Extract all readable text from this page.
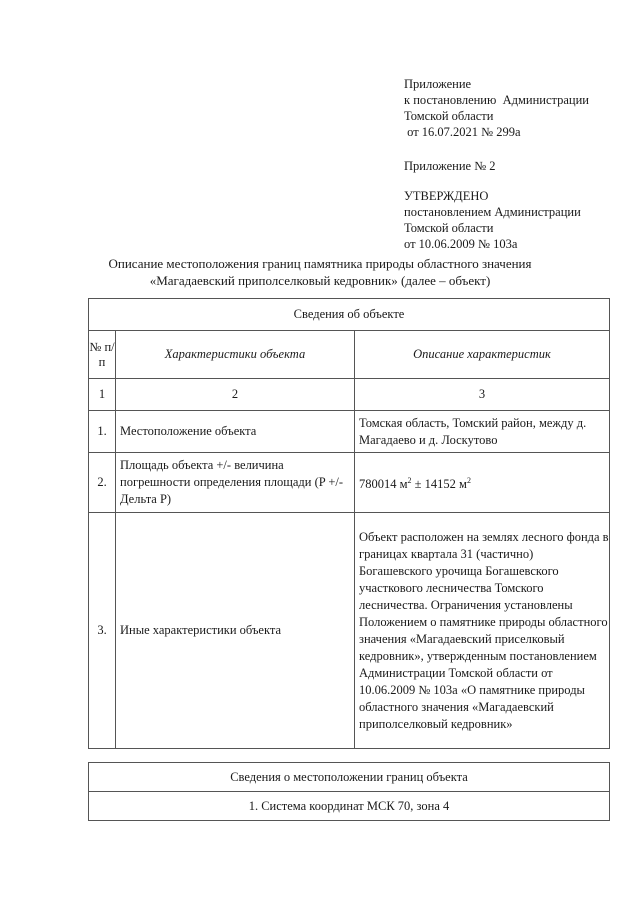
Приложение
к постановлению  Администрации
Томской области
от 16.07.2021 № 299а
Приложение № 2
УТВЕРЖДЕНО
постановлением Администрации
Томской области
от 10.06.2009 № 103а
Описание местоположения границ памятника природы областного значения
«Магадаевский приполселковый кедровник» (далее – объект)
Сведения об объекте		
№ п/п	Характеристики объекта	Описание характеристик
1	2	3
1.	Местоположение объекта	Томская область, Томский район, между д. Магадаево и д. Лоскутово
2.	Площадь объекта +/- величина погрешности определения площади (P +/- Дельта P)	780014 $м^2 \pm 14152$ $м^2$
3.	Иные характеристики объекта	Объект расположен на землях лесного фонда в границах квартала 31 (частично) Богашевского урочища Богашевского участкового лесничества Томского лесничества. Ограничения установлены Положением о памятнике природы областного значения «Магадаевский приселковый кедровник», утвержденным постановлением Администрации Томской области от 10.06.2009 № 103а «О памятнике природы областного значения «Магадаевский приполселковый кедровник»
Сведения о местоположении границ объекта
1. Система координат МСК 70, зона 4
